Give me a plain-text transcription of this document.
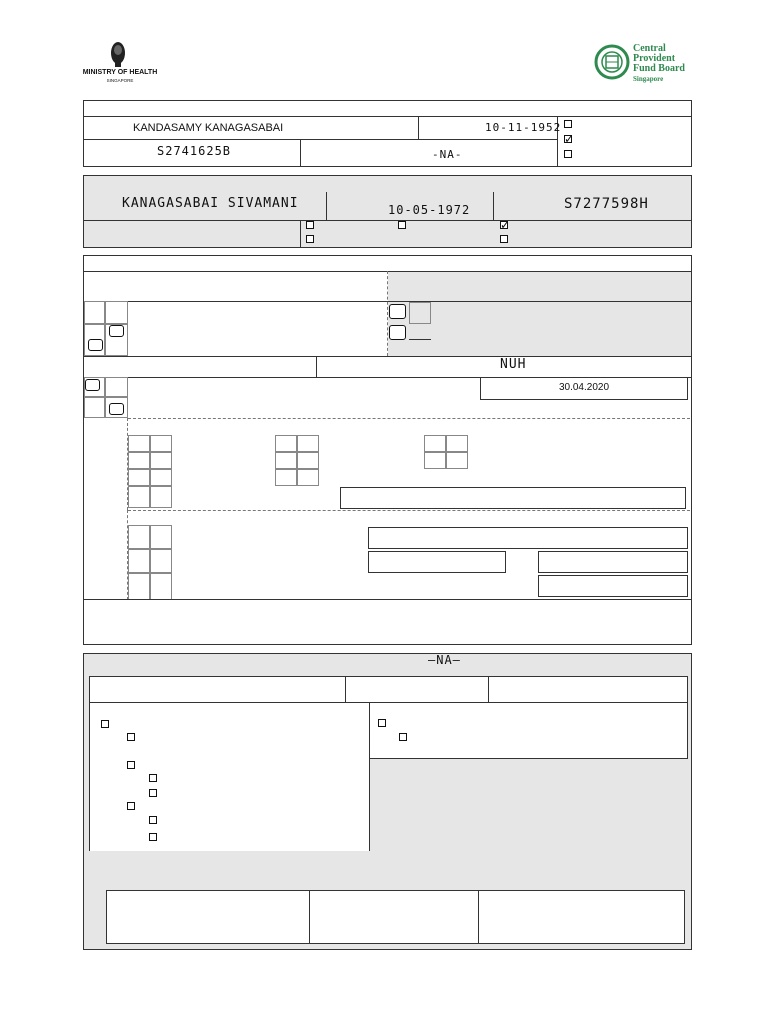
MINISTRY OF HEALTH
SINGAPORE
Central
Provident
Fund Board
Singapore
KANDASAMY KANAGASABAI	10-11-1952
S2741625B	-NA-
✓
KANAGASABAI SIVAMANI	10-05-1972	S7277598H
✓
NUH
30.04.2020
—NA—
